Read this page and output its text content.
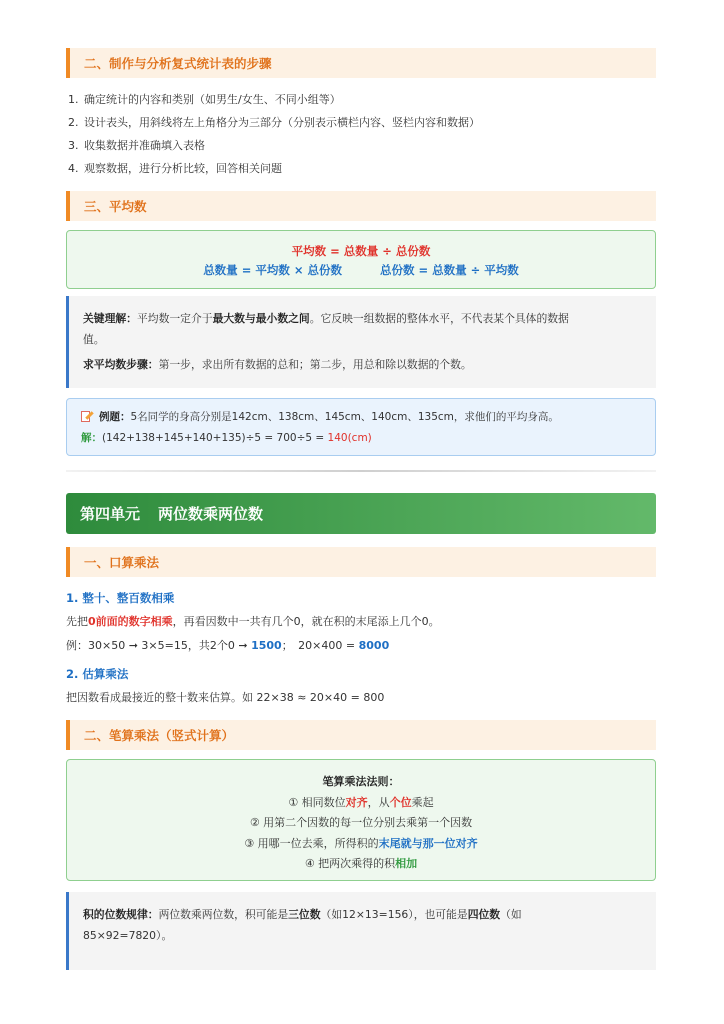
二、制作与分析复式统计表的步骤
1. 确定统计的内容和类别（如男生/女生、不同小组等）
2. 设计表头，用斜线将左上角格分为三部分（分别表示横栏内容、竖栏内容和数据）
3. 收集数据并准确填入表格
4. 观察数据，进行分析比较，回答相关问题
三、平均数
平均数 = 总数量 ÷ 总份数
总数量 = 平均数 × 总份数	总份数 = 总数量 ÷ 平均数
关键理解：平均数一定介于最大数与最小数之间。它反映一组数据的整体水平，不代表某个具体的数据
值。
求平均数步骤：第一步，求出所有数据的总和；第二步，用总和除以数据的个数。
例题：5名同学的身高分别是142cm、138cm、145cm、140cm、135cm，求他们的平均身高。
解：(142+138+145+140+135)÷5 = 700÷5 = 140(cm)
第四单元 两位数乘两位数
一、口算乘法
1. 整十、整百数相乘
先把0前面的数字相乘，再看因数中一共有几个0，就在积的末尾添上几个0。
例：30×50 ➞ 3×5=15，共2个0 ➞ 1500；　20×400 = 8000
2. 估算乘法
把因数看成最接近的整十数来估算。如 22×38 ≈ 20×40 = 800
二、笔算乘法（竖式计算）
笔算乘法法则：
① 相同数位对齐，从个位乘起
② 用第二个因数的每一位分别去乘第一个因数
③ 用哪一位去乘，所得积的末尾就与那一位对齐
④ 把两次乘得的积相加
积的位数规律：两位数乘两位数，积可能是三位数（如12×13=156），也可能是四位数（如
85×92=7820）。
